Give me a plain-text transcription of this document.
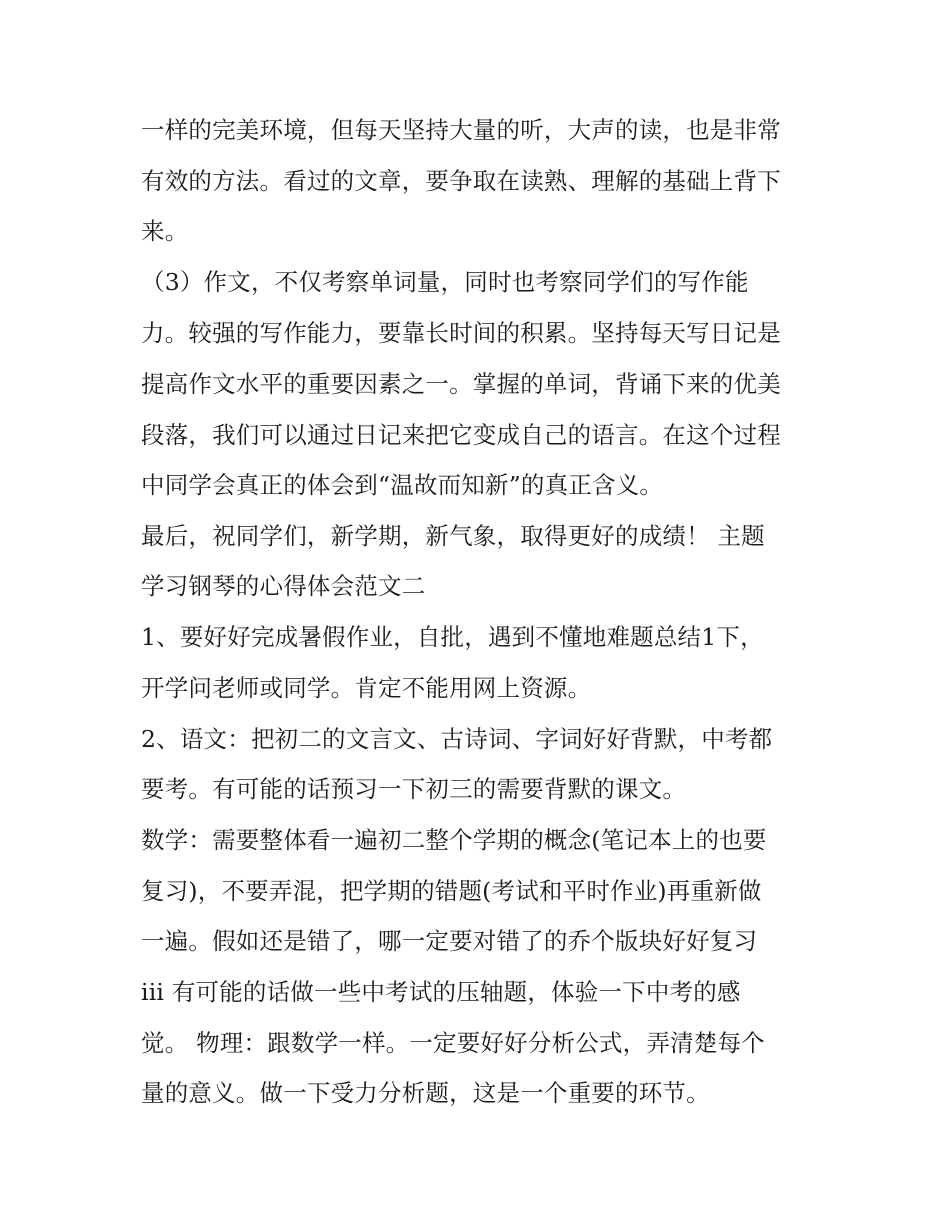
一样的完美环境，但每天坚持大量的听，大声的读，也是非常
有效的方法。看过的文章，要争取在读熟、理解的基础上背下
来。
（3）作文，不仅考察单词量，同时也考察同学们的写作能
力。较强的写作能力，要靠长时间的积累。坚持每天写日记是
提高作文水平的重要因素之一。掌握的单词，背诵下来的优美
段落，我们可以通过日记来把它变成自己的语言。在这个过程
中同学会真正的体会到“温故而知新”的真正含义。
最后，祝同学们，新学期，新气象，取得更好的成绩！ 主题
学习钢琴的心得体会范文二
1、要好好完成暑假作业，自批，遇到不懂地难题总结1下，
开学问老师或同学。肯定不能用网上资源。
2、语文：把初二的文言文、古诗词、字词好好背默，中考都
要考。有可能的话预习一下初三的需要背默的课文。
数学：需要整体看一遍初二整个学期的概念(笔记本上的也要
复习)，不要弄混，把学期的错题(考试和平时作业)再重新做
一遍。假如还是错了，哪一定要对错了的乔个版块好好复习
iii 有可能的话做一些中考试的压轴题，体验一下中考的感
觉。 物理：跟数学一样。一定要好好分析公式，弄清楚每个
量的意义。做一下受力分析题，这是一个重要的环节。
